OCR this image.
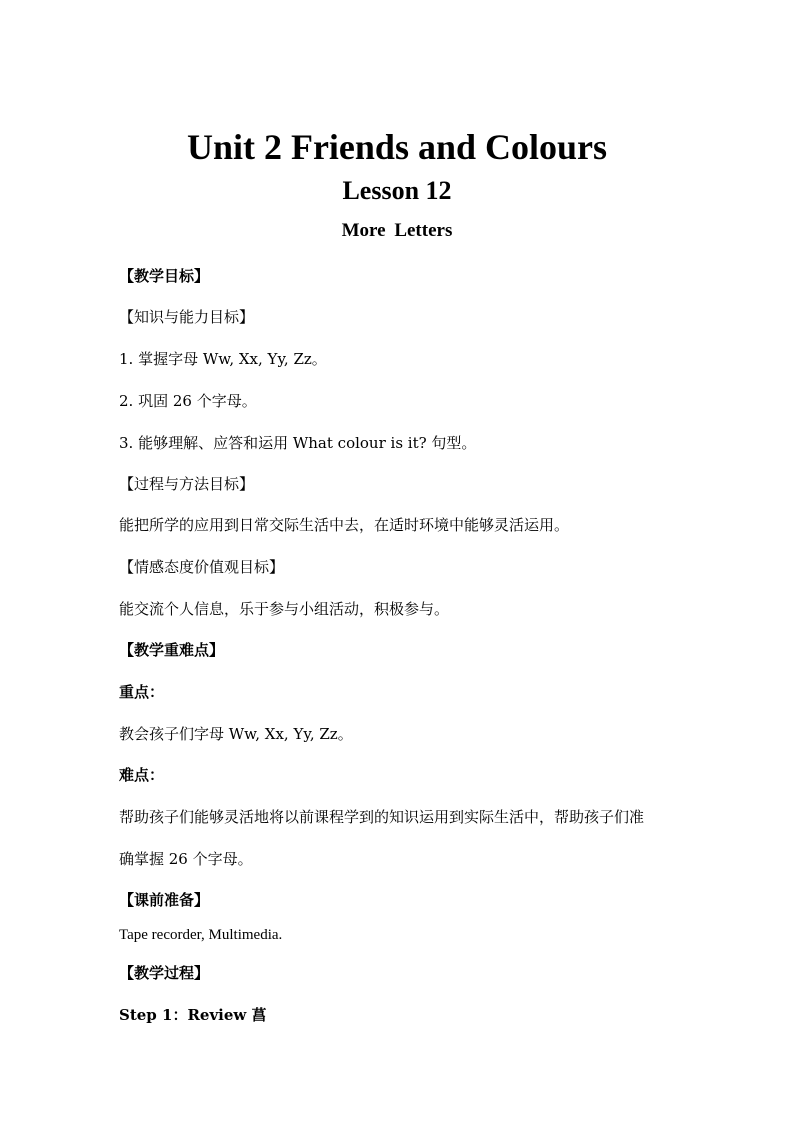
Unit 2 Friends and Colours
Lesson 12
More Letters
【教学目标】
【知识与能力目标】
1. 掌握字母 Ww, Xx, Yy, Zz。
2. 巩固 26 个字母。
3. 能够理解、应答和运用 What colour is it? 句型。
【过程与方法目标】
能把所学的应用到日常交际生活中去，在适时环境中能够灵活运用。
【情感态度价值观目标】
能交流个人信息，乐于参与小组活动，积极参与。
【教学重难点】
重点：
教会孩子们字母 Ww, Xx, Yy, Zz。
难点：
帮助孩子们能够灵活地将以前课程学到的知识运用到实际生活中，帮助孩子们准
确掌握 26 个字母。
【课前准备】
Tape recorder, Multimedia.
【教学过程】
Step 1：Review 菖
